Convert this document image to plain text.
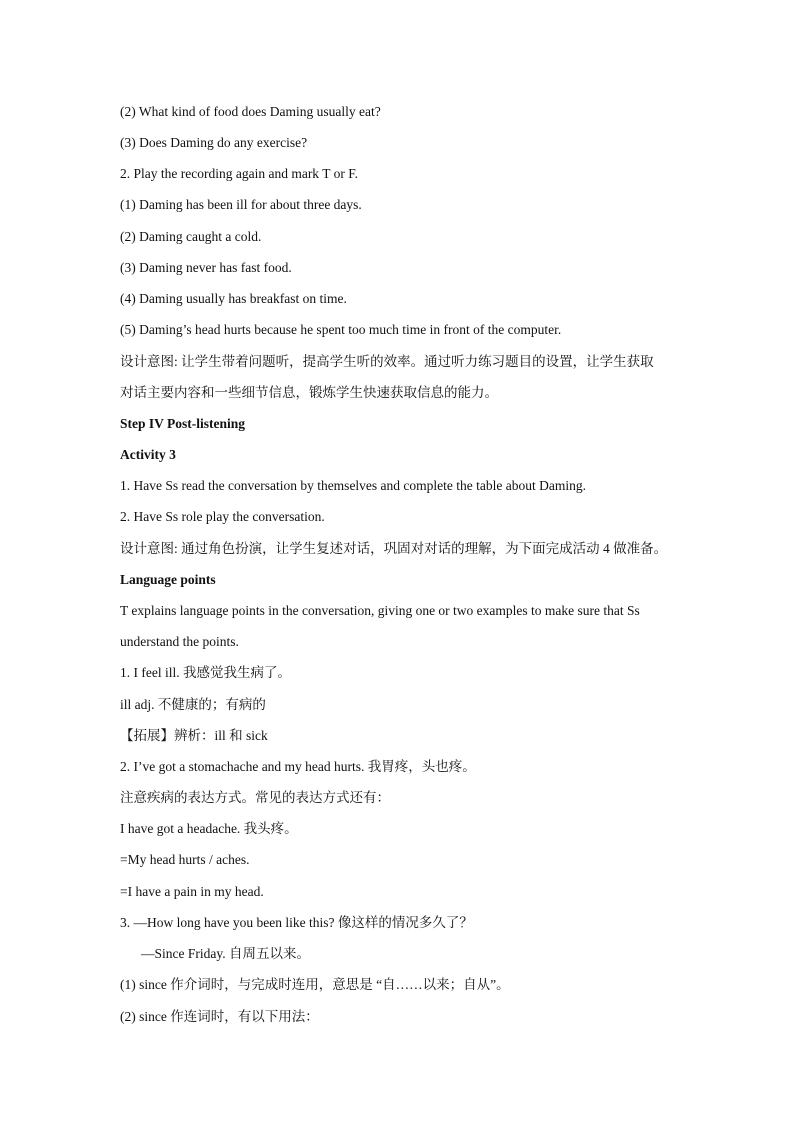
(2) What kind of food does Daming usually eat?
(3) Does Daming do any exercise?
2. Play the recording again and mark T or F.
(1) Daming has been ill for about three days.
(2) Daming caught a cold.
(3) Daming never has fast food.
(4) Daming usually has breakfast on time.
(5) Daming’s head hurts because he spent too much time in front of the computer.
设计意图: 让学生带着问题听，提高学生听的效率。通过听力练习题目的设置，让学生获取
对话主要内容和一些细节信息，锻炼学生快速获取信息的能力。
Step IV Post-listening
Activity 3
1. Have Ss read the conversation by themselves and complete the table about Daming.
2. Have Ss role play the conversation.
设计意图: 通过角色扮演，让学生复述对话，巩固对对话的理解，为下面完成活动 4 做准备。
Language points
T explains language points in the conversation, giving one or two examples to make sure that Ss
understand the points.
1. I feel ill. 我感觉我生病了。
ill adj. 不健康的；有病的
【拓展】辨析：ill 和 sick
2. I’ve got a stomachache and my head hurts. 我胃疼，头也疼。
注意疾病的表达方式。常见的表达方式还有：
I have got a headache. 我头疼。
=My head hurts / aches.
=I have a pain in my head.
3. —How long have you been like this? 像这样的情况多久了？
—Since Friday. 自周五以来。
(1) since 作介词时，与完成时连用，意思是 “自……以来；自从”。
(2) since 作连词时，有以下用法：
